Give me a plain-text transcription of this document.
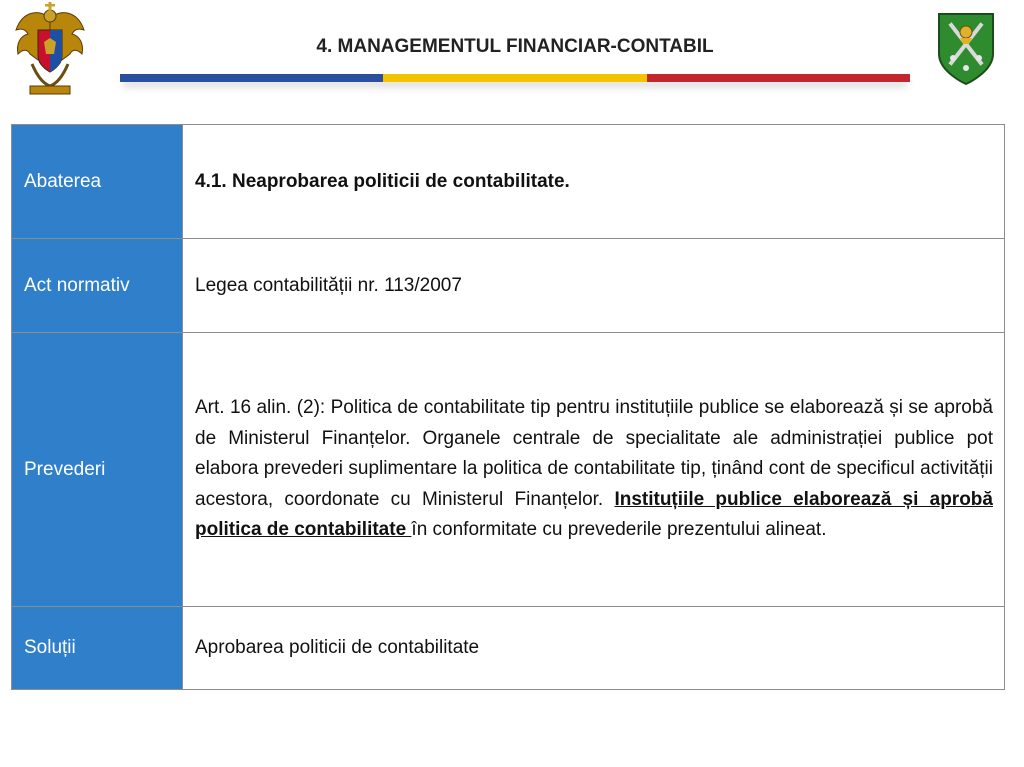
4. MANAGEMENTUL FINANCIAR-CONTABIL
Abaterea	4.1. Neaprobarea politicii de contabilitate.
Act normativ	Legea contabilității nr. 113/2007
Prevederi	Art. 16 alin. (2): Politica de contabilitate tip pentru instituțiile publice se elaborează și se aprobă de Ministerul Finanțelor. Organele centrale de specialitate ale administrației publice pot elabora prevederi suplimentare la politica de contabilitate tip, ținând cont de specificul activității acestora, coordonate cu Ministerul Finanțelor. Instituțiile publice elaborează și aprobă politica de contabilitate în conformitate cu prevederile prezentului alineat.

Soluții	Aprobarea politicii de contabilitate
